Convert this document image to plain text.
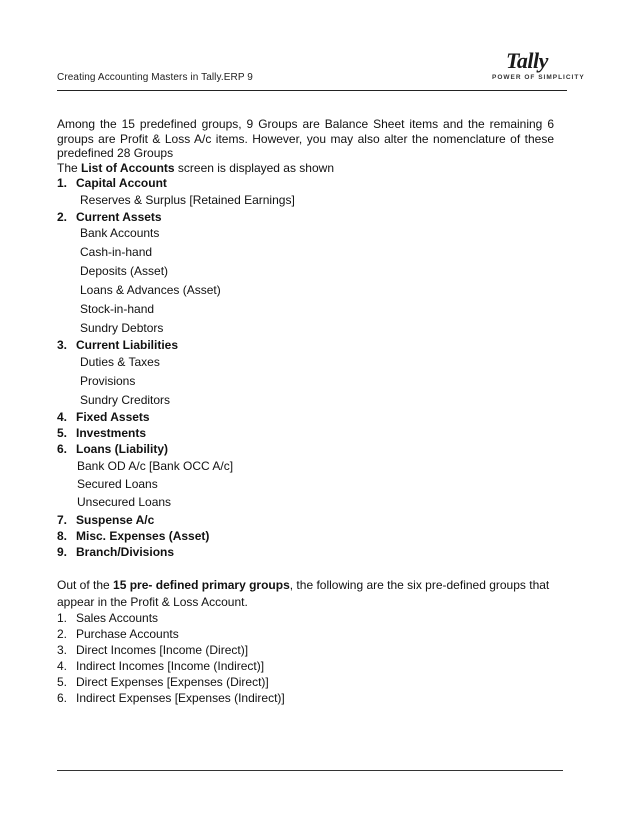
Creating Accounting Masters in Tally.ERP 9
Tally
POWER OF SIMPLICITY
Among the 15 predefined groups, 9 Groups are Balance Sheet items and the remaining 6 groups are Profit & Loss A/c items. However, you may also alter the nomenclature of these predefined 28 Groups
The List of Accounts screen is displayed as shown
1. Capital Account
Reserves & Surplus [Retained Earnings]
2. Current Assets
Bank Accounts
Cash-in-hand
Deposits (Asset)
Loans & Advances (Asset)
Stock-in-hand
Sundry Debtors
3. Current Liabilities
Duties & Taxes
Provisions
Sundry Creditors
4. Fixed Assets
5. Investments
6. Loans (Liability)
Bank OD A/c [Bank OCC A/c]
Secured Loans
Unsecured Loans
7. Suspense A/c
8. Misc. Expenses (Asset)
9. Branch/Divisions
Out of the 15 pre- defined primary groups, the following are the six pre-defined groups that
appear in the Profit & Loss Account.
1. Sales Accounts
2. Purchase Accounts
3. Direct Incomes [Income (Direct)]
4. Indirect Incomes [Income (Indirect)]
5. Direct Expenses [Expenses (Direct)]
6. Indirect Expenses [Expenses (Indirect)]
